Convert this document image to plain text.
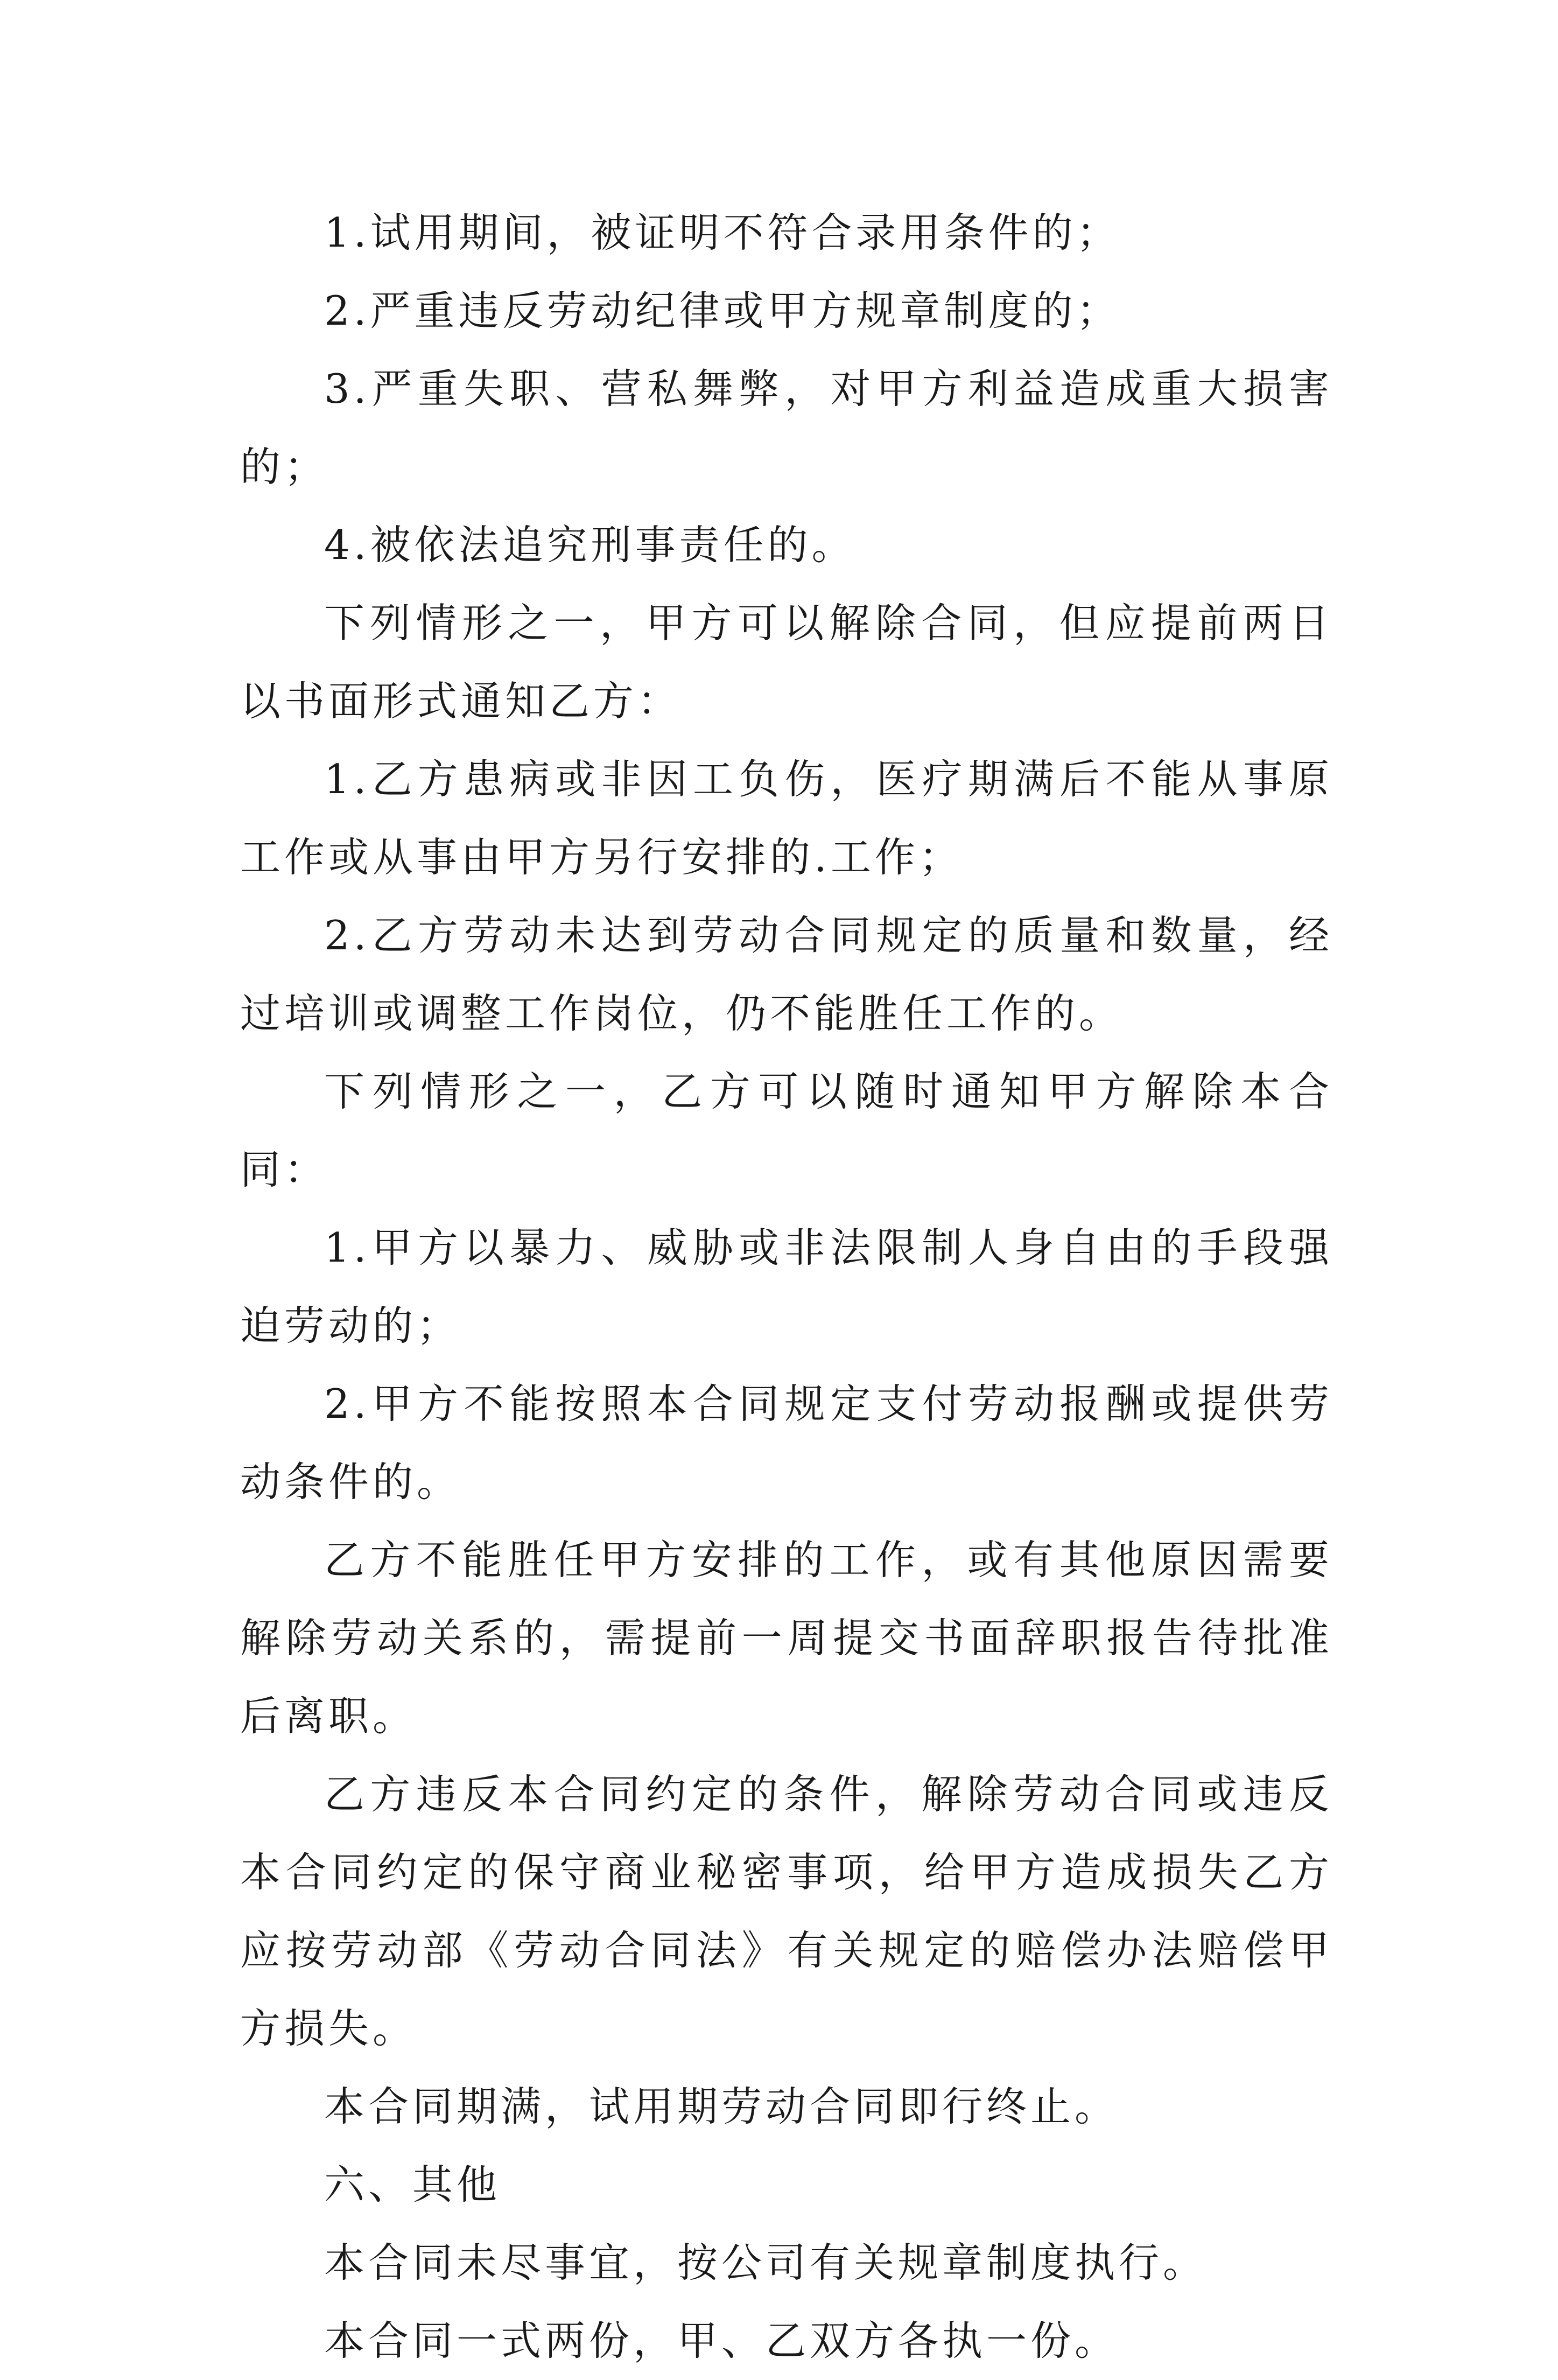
1.试用期间，被证明不符合录用条件的；

2.严重违反劳动纪律或甲方规章制度的；

3.严重失职、营私舞弊，对甲方利益造成重大损害的；

4.被依法追究刑事责任的。

下列情形之一，甲方可以解除合同，但应提前两日以书面形式通知乙方：

1.乙方患病或非因工负伤，医疗期满后不能从事原工作或从事由甲方另行安排的.工作；

2.乙方劳动未达到劳动合同规定的质量和数量，经过培训或调整工作岗位，仍不能胜任工作的。

下列情形之一，乙方可以随时通知甲方解除本合同：

1.甲方以暴力、威胁或非法限制人身自由的手段强迫劳动的；

2.甲方不能按照本合同规定支付劳动报酬或提供劳动条件的。

乙方不能胜任甲方安排的工作，或有其他原因需要解除劳动关系的，需提前一周提交书面辞职报告待批准后离职。

乙方违反本合同约定的条件，解除劳动合同或违反本合同约定的保守商业秘密事项，给甲方造成损失乙方应按劳动部《劳动合同法》有关规定的赔偿办法赔偿甲方损失。

本合同期满，试用期劳动合同即行终止。

六、其他

本合同未尽事宜，按公司有关规章制度执行。

本合同一式两份，甲、乙双方各执一份。
